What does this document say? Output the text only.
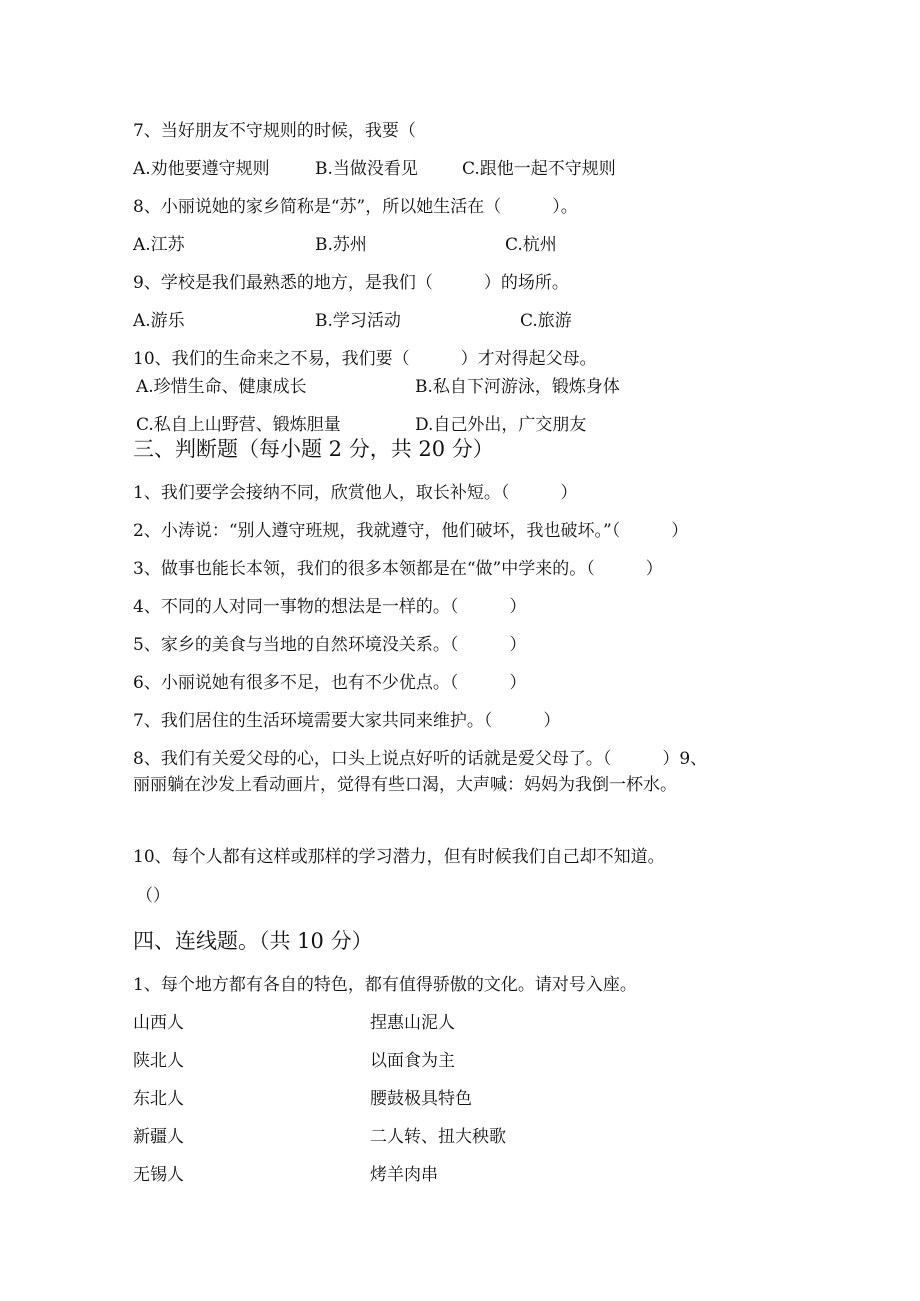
7、当好朋友不守规则的时候，我要（
A.劝他要遵守规则	B.当做没看见	C.跟他一起不守规则
8、小丽说她的家乡简称是“苏”，所以她生活在（　　　）。
A.江苏	B.苏州	C.杭州
9、学校是我们最熟悉的地方，是我们（　　　）的场所。
A.游乐	B.学习活动	C.旅游
10、我们的生命来之不易，我们要（　　　）才对得起父母。
A.珍惜生命、健康成长	B.私自下河游泳，锻炼身体
C.私自上山野营、锻炼胆量	D.自己外出，广交朋友
三、判断题（每小题 2 分，共 20 分）
1、我们要学会接纳不同，欣赏他人，取长补短。（　　　）
2、小涛说：“别人遵守班规，我就遵守，他们破坏，我也破坏。”（　　　）
3、做事也能长本领，我们的很多本领都是在“做”中学来的。（　　　）
4、不同的人对同一事物的想法是一样的。（　　　）
5、家乡的美食与当地的自然环境没关系。（　　　）
6、小丽说她有很多不足，也有不少优点。（　　　）
7、我们居住的生活环境需要大家共同来维护。（　　　）
8、我们有关爱父母的心，口头上说点好听的话就是爱父母了。（　　　）9、
丽丽躺在沙发上看动画片，觉得有些口渴，大声喊：妈妈为我倒一杯水。
10、每个人都有这样或那样的学习潜力，但有时候我们自己却不知道。
（）
四、连线题。（共 10 分）
1、每个地方都有各自的特色，都有值得骄傲的文化。请对号入座。
山西人	捏惠山泥人
陕北人	以面食为主
东北人	腰鼓极具特色
新疆人	二人转、扭大秧歌
无锡人	烤羊肉串
